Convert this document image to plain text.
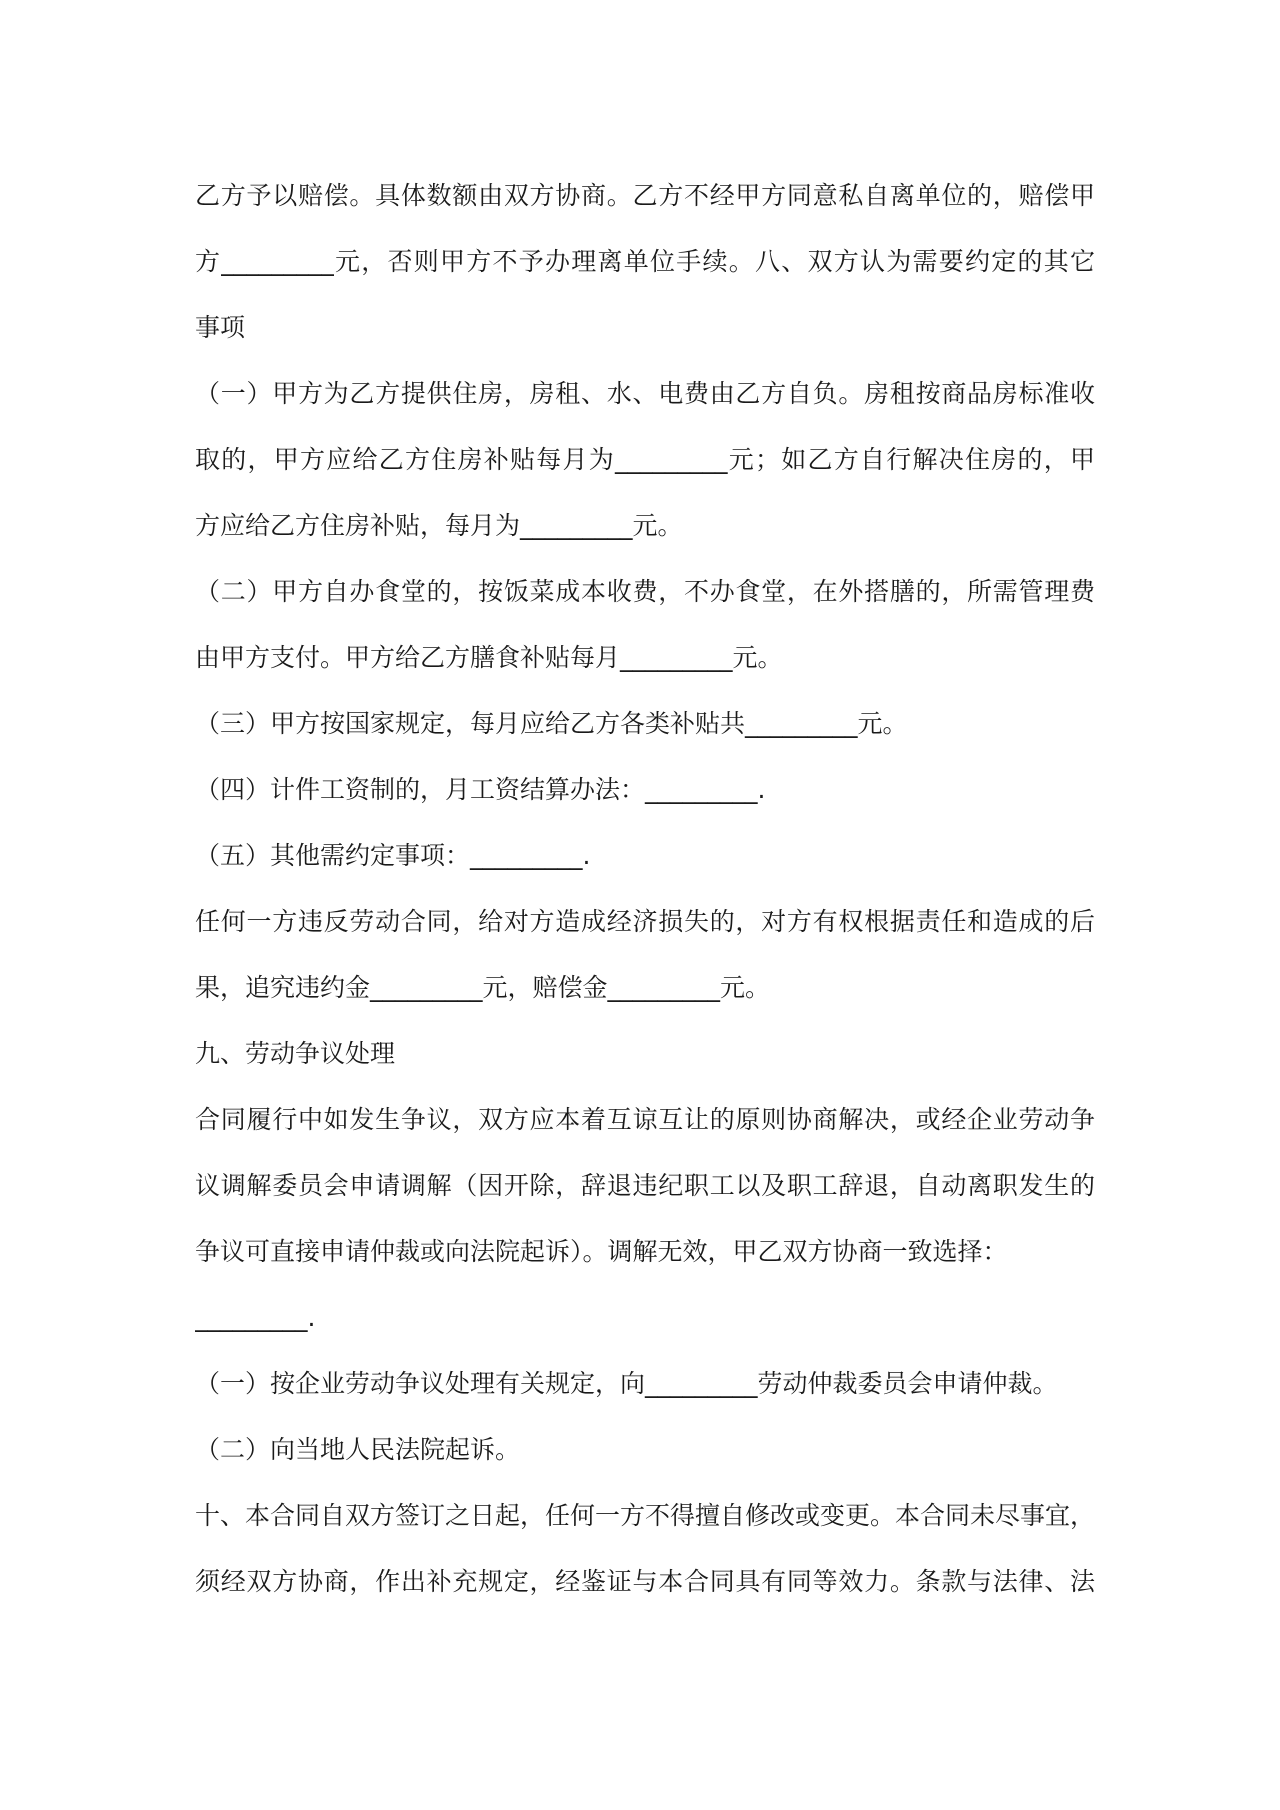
乙方予以赔偿。具体数额由双方协商。乙方不经甲方同意私自离单位的，赔偿甲
方_________元，否则甲方不予办理离单位手续。八、双方认为需要约定的其它
事项
（一）甲方为乙方提供住房，房租、水、电费由乙方自负。房租按商品房标准收
取的，甲方应给乙方住房补贴每月为_________元；如乙方自行解决住房的，甲
方应给乙方住房补贴，每月为_________元。
（二）甲方自办食堂的，按饭菜成本收费，不办食堂，在外搭膳的，所需管理费
由甲方支付。甲方给乙方膳食补贴每月_________元。
（三）甲方按国家规定，每月应给乙方各类补贴共_________元。
（四）计件工资制的，月工资结算办法：_________.
（五）其他需约定事项：_________.
任何一方违反劳动合同，给对方造成经济损失的，对方有权根据责任和造成的后
果，追究违约金_________元，赔偿金_________元。
九、劳动争议处理
合同履行中如发生争议，双方应本着互谅互让的原则协商解决，或经企业劳动争
议调解委员会申请调解（因开除，辞退违纪职工以及职工辞退，自动离职发生的
争议可直接申请仲裁或向法院起诉）。调解无效，甲乙双方协商一致选择：
_________.
（一）按企业劳动争议处理有关规定，向_________劳动仲裁委员会申请仲裁。
（二）向当地人民法院起诉。
十、本合同自双方签订之日起，任何一方不得擅自修改或变更。本合同未尽事宜，
须经双方协商，作出补充规定，经鉴证与本合同具有同等效力。条款与法律、法
